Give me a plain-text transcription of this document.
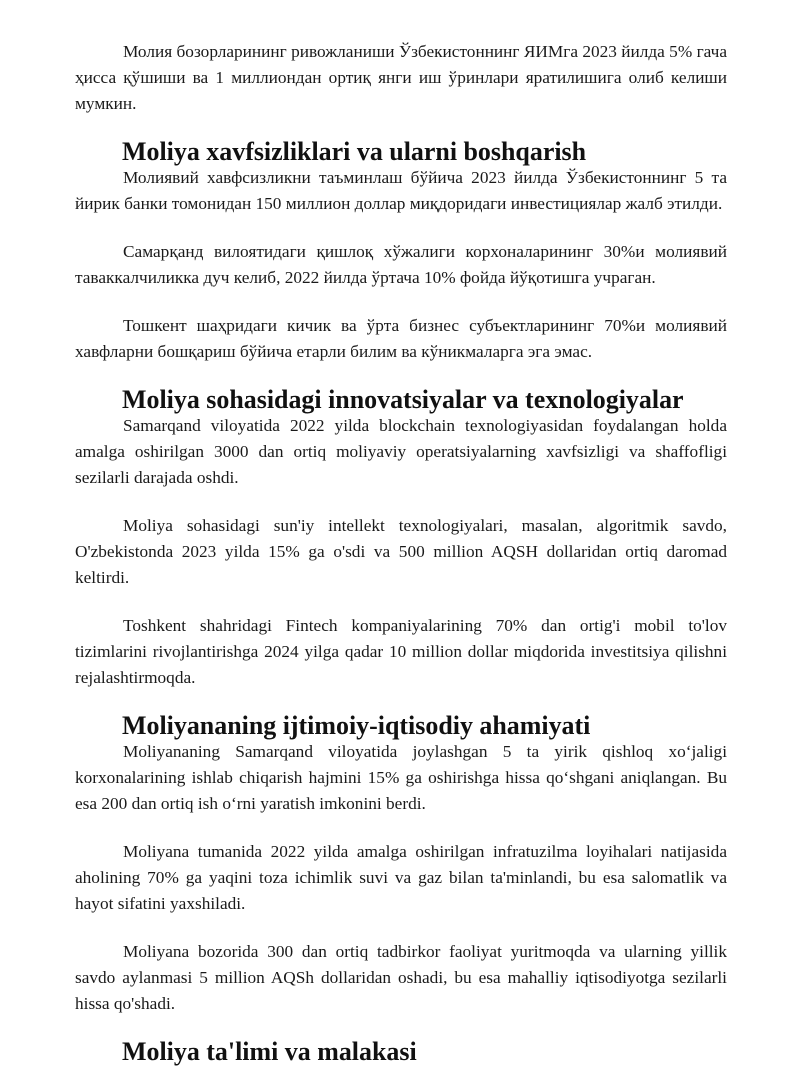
Молия бозорларининг ривожланиши Ўзбекистоннинг ЯИМга 2023 йилда 5% гача ҳисса қўшиши ва 1 миллиондан ортиқ янги иш ўринлари яратилишига олиб келиши мумкин.

Moliya xavfsizliklari va ularni boshqarish

Молиявий хавфсизликни таъминлаш бўйича 2023 йилда Ўзбекистоннинг 5 та йирик банки томонидан 150 миллион доллар миқдоридаги инвестициялар жалб этилди.

Самарқанд вилоятидаги қишлоқ хўжалиги корхоналарининг 30%и молиявий таваккалчиликка дуч келиб, 2022 йилда ўртача 10% фойда йўқотишга учраган.

Тошкент шаҳридаги кичик ва ўрта бизнес субъектларининг 70%и молиявий хавфларни бошқариш бўйича етарли билим ва кўникмаларга эга эмас.

Moliya sohasidagi innovatsiyalar va texnologiyalar

Samarqand viloyatida 2022 yilda blockchain texnologiyasidan foydalangan holda amalga oshirilgan 3000 dan ortiq moliyaviy operatsiyalarning xavfsizligi va shaffofligi sezilarli darajada oshdi.

Moliya sohasidagi sun'iy intellekt texnologiyalari, masalan, algoritmik savdo, O'zbekistonda 2023 yilda 15% ga o'sdi va 500 million AQSH dollaridan ortiq daromad keltirdi.

Toshkent shahridagi Fintech kompaniyalarining 70% dan ortig'i mobil to'lov tizimlarini rivojlantirishga 2024 yilga qadar 10 million dollar miqdorida investitsiya qilishni rejalashtirmoqda.

Moliyananing ijtimoiy-iqtisodiy ahamiyati

Moliyananing Samarqand viloyatida joylashgan 5 ta yirik qishloq xo‘jaligi korxonalarining ishlab chiqarish hajmini 15% ga oshirishga hissa qo‘shgani aniqlangan. Bu esa 200 dan ortiq ish o‘rni yaratish imkonini berdi.

Moliyana tumanida 2022 yilda amalga oshirilgan infratuzilma loyihalari natijasida aholining 70% ga yaqini toza ichimlik suvi va gaz bilan ta'minlandi, bu esa salomatlik va hayot sifatini yaxshiladi.

Moliyana bozorida 300 dan ortiq tadbirkor faoliyat yuritmoqda va ularning yillik savdo aylanmasi 5 million AQSh dollaridan oshadi, bu esa mahalliy iqtisodiyotga sezilarli hissa qo'shadi.

Moliya ta'limi va malakasi
